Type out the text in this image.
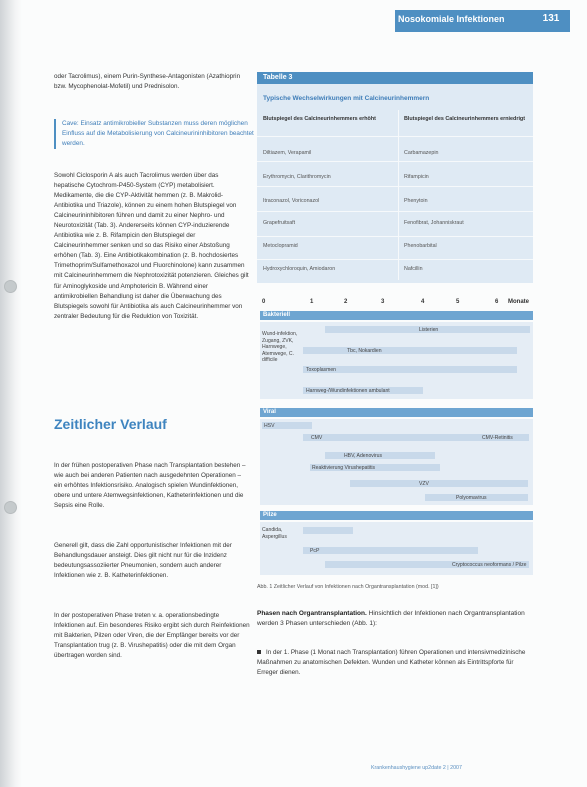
Nosokomiale Infektionen	131

oder Tacrolimus), einem Purin-Synthese-Antagonisten (Azathioprin bzw. Mycophenolat-Mofetil) und Prednisolon.

Cave: Einsatz antimikrobieller Substanzen muss deren möglichen Einfluss auf die Metabolisierung von Calcineurininhibitoren beachtet werden.

Sowohl Ciclosporin A als auch Tacrolimus werden über das hepatische Cytochrom-P450-System (CYP) metabolisiert. Medikamente, die die CYP-Aktivität hemmen (z. B. Makrolid-Antibiotika und Triazole), können zu einem hohen Blutspiegel von Calcineurininhibitoren führen und damit zu einer Nephro- und Neurotoxizität (Tab. 3). Andererseits können CYP-induzierende Antibiotika wie z. B. Rifampicin den Blutspiegel der Calcineurinhemmer senken und so das Risiko einer Abstoßung erhöhen (Tab. 3). Eine Antibiotikakombination (z. B. hochdosiertes Trimethoprim/Sulfamethoxazol und Fluorchinolone) kann zusammen mit Calcineurinhemmern die Nephrotoxizität potenzieren. Gleiches gilt für Aminoglykoside und Amphotericin B. Während einer antimikrobiellen Behandlung ist daher die Überwachung des Blutspiegels sowohl für Antibiotika als auch Calcineurinhemmer von zentraler Bedeutung für die Reduktion von Toxizität.

Zeitlicher Verlauf

In der frühen postoperativen Phase nach Transplantation bestehen – wie auch bei anderen Patienten nach ausgedehnten Operationen – ein erhöhtes Infektionsrisiko. Analogisch spielen Wundinfektionen, obere und untere Atemwegsinfektionen, Katheterinfektionen und die Sepsis eine Rolle.

Generell gilt, dass die Zahl opportunistischer Infektionen mit der Behandlungsdauer ansteigt. Dies gilt nicht nur für die Inzidenz bedeutungsassoziierter Pneumonien, sondern auch anderer Infektionen wie z. B. Katheterinfektionen.

In der postoperativen Phase treten v. a. operationsbedingte Infektionen auf. Ein besonderes Risiko ergibt sich durch Reinfektionen mit Bakterien, Pilzen oder Viren, die der Empfänger bereits vor der Transplantation trug (z. B. Virushepatitis) oder die mit dem Organ übertragen worden sind.

Tabelle 3
Typische Wechselwirkungen mit Calcineurinhemmern
Blutspiegel des Calcineurinhemmers erhöht	Blutspiegel des Calcineurinhemmers erniedrigt
Diltiazem, Verapamil	Carbamazepin
Erythromycin, Clarithromycin	Rifampicin
Itraconazol, Voriconazol	Phenytoin
Grapefruitsaft	Fenofibrat, Johanniskraut
Metoclopramid	Phenobarbital
Hydroxychloroquin, Amiodaron	Nafcillin
0	1	2	3	4	5	6 Monate
Bakteriell
Wund-infektion, Zugang, ZVK, Harnwege, Atemwege, C. difficile
Listerien
Tbc, Nokardien
Toxoplasmen
Harnweg-/Wundinfektionen ambulant
Viral
HSV
CMV	CMV-Retinitis
HBV, Adenovirus
Reaktivierung Virushepatitis
VZV
Polyomavirus
Pilze
Candida, Aspergillus
PcP
Cryptococcus neoformans / Pilze
Abb. 1 Zeitlicher Verlauf von Infektionen nach Organtransplantation (mod. [1])
Phasen nach Organtransplantation. Hinsichtlich der Infektionen nach Organtransplantation werden 3 Phasen unterschieden (Abb. 1):
In der 1. Phase (1 Monat nach Transplantation) führen Operationen und intensivmedizinische Maßnahmen zu anatomischen Defekten. Wunden und Katheter können als Eintrittspforte für Erreger dienen.
Krankenhaushygiene up2date 2 | 2007
